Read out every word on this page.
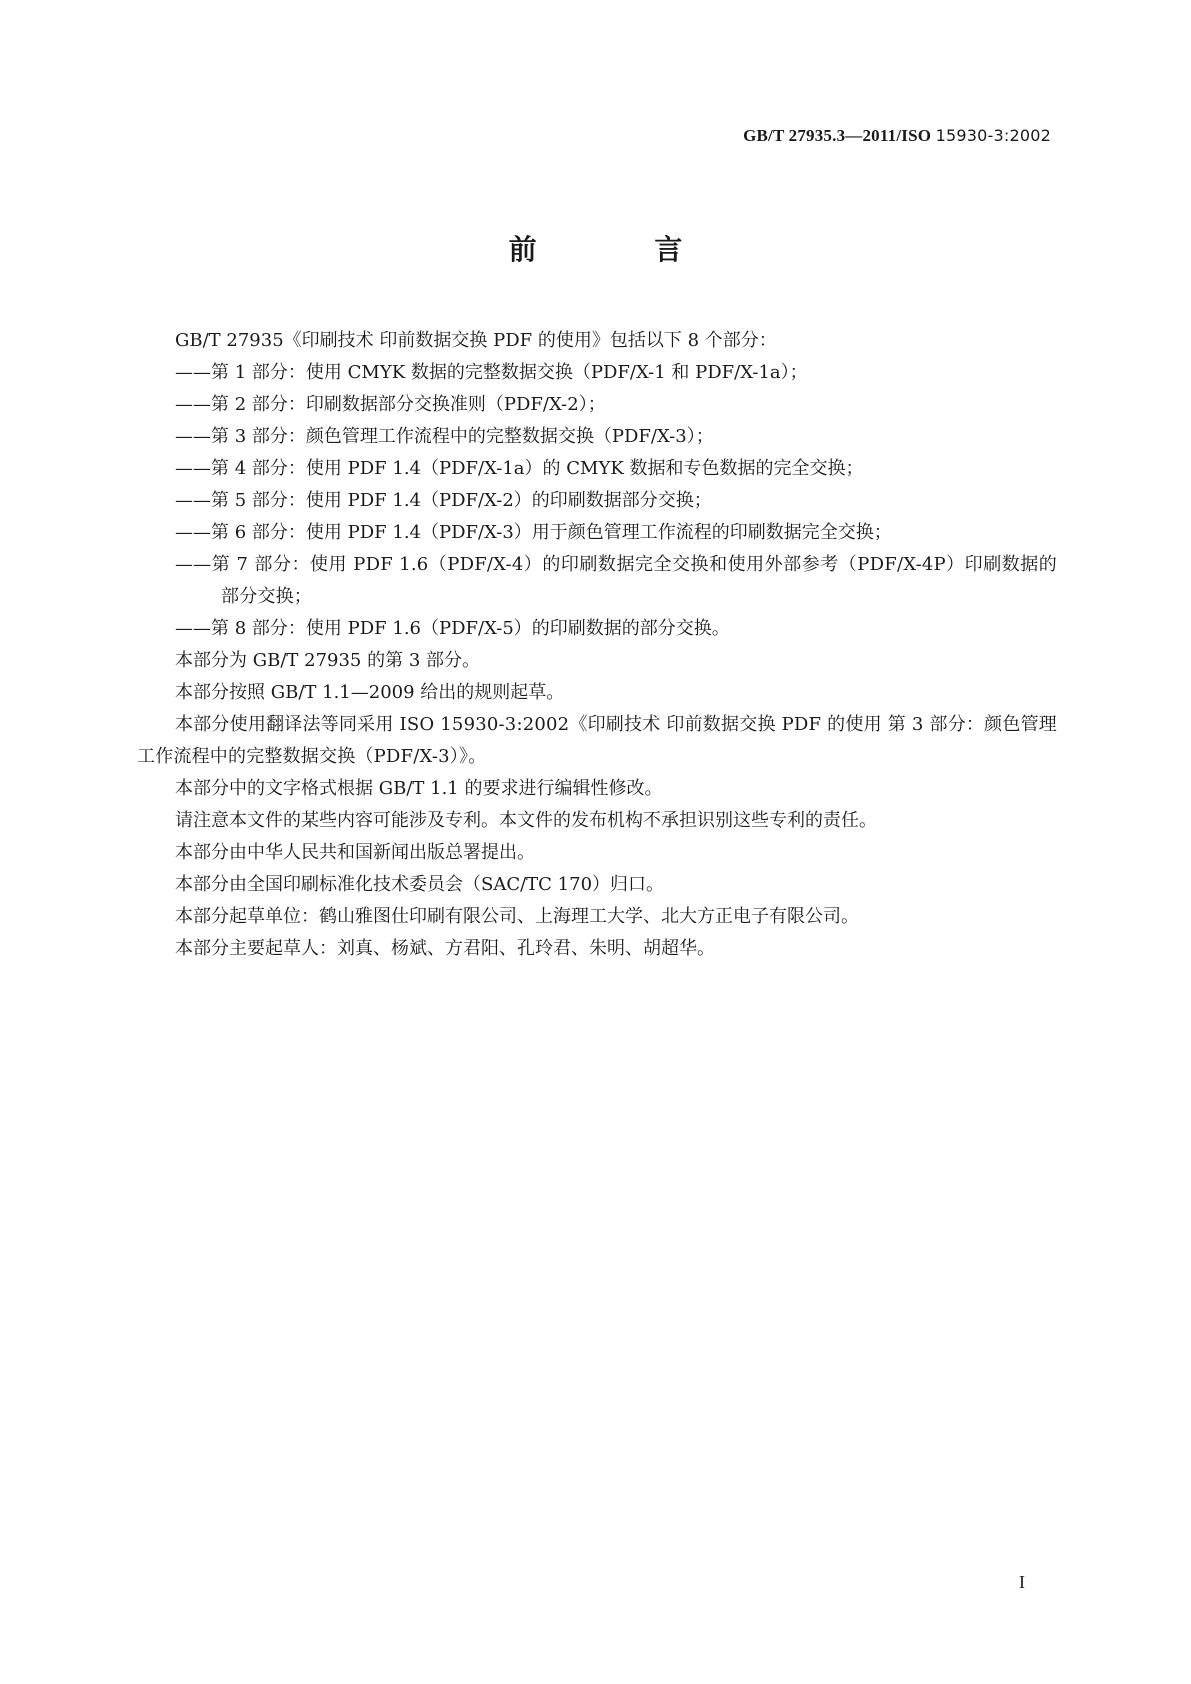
GB/T 27935.3—2011/ISO 15930-3:2002
前 言

GB/T 27935《印刷技术 印前数据交换 PDF 的使用》包括以下 8 个部分：

——第 1 部分：使用 CMYK 数据的完整数据交换（PDF/X-1 和 PDF/X-1a）；

——第 2 部分：印刷数据部分交换准则（PDF/X-2）；

——第 3 部分：颜色管理工作流程中的完整数据交换（PDF/X-3）；

——第 4 部分：使用 PDF 1.4（PDF/X-1a）的 CMYK 数据和专色数据的完全交换；

——第 5 部分：使用 PDF 1.4（PDF/X-2）的印刷数据部分交换；

——第 6 部分：使用 PDF 1.4（PDF/X-3）用于颜色管理工作流程的印刷数据完全交换；

——第 7 部分：使用 PDF 1.6（PDF/X-4）的印刷数据完全交换和使用外部参考（PDF/X-4P）印刷数据的部分交换；

——第 8 部分：使用 PDF 1.6（PDF/X-5）的印刷数据的部分交换。

本部分为 GB/T 27935 的第 3 部分。

本部分按照 GB/T 1.1—2009 给出的规则起草。

本部分使用翻译法等同采用 ISO 15930-3:2002《印刷技术 印前数据交换 PDF 的使用 第 3 部分：颜色管理工作流程中的完整数据交换（PDF/X-3）》。

本部分中的文字格式根据 GB/T 1.1 的要求进行编辑性修改。

请注意本文件的某些内容可能涉及专利。本文件的发布机构不承担识别这些专利的责任。

本部分由中华人民共和国新闻出版总署提出。

本部分由全国印刷标准化技术委员会（SAC/TC 170）归口。

本部分起草单位：鹤山雅图仕印刷有限公司、上海理工大学、北大方正电子有限公司。

本部分主要起草人：刘真、杨斌、方君阳、孔玲君、朱明、胡超华。

I
